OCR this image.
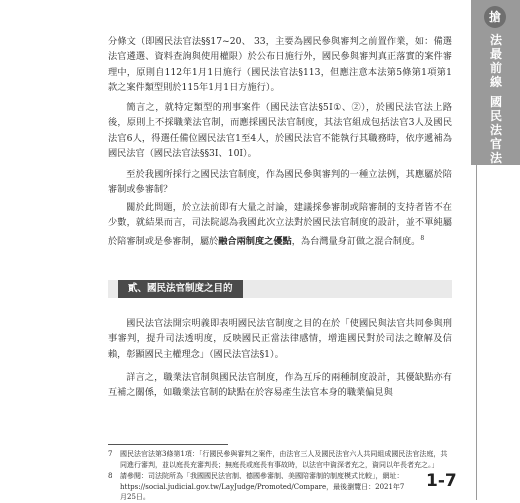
搶
法
最
前
線
國
民
法
官
法

分條文（即國民法官法§§17~20、 33，主要為國民參與審判之前置作業，如：備選法官遴選、資料查詢與使用權限）於公布日施行外，國民參與審判真正落實的案件審理中，原則自112年1月1日施行（國民法官法§113，但應注意本法第5條第1項第1款之案件類型則於115年1月1日方施行）。

簡言之，就特定類型的刑事案件（國民法官法§5Ⅰ①、②），於國民法官法上路後，原則上不採職業法官制，而應採國民法官制度，其法官組成包括法官3人及國民法官6人，得選任備位國民法官1至4人，於國民法官不能執行其職務時，依序遞補為國民法官（國民法官法§§3Ⅰ、10Ⅰ）。

至於我國所採行之國民法官制度，作為國民參與審判的一種立法例，其應屬於陪審制或參審制？

關於此問題，於立法前即有大量之討論，建議採參審制或陪審制的支持者皆不在少數，就結果而言，司法院認為我國此次立法對於國民法官制度的設計，並不單純屬於陪審制或是參審制，屬於融合兩制度之優點，為台灣量身訂做之混合制度。$^8$

貳、國民法官制度之目的

國民法官法開宗明義即表明國民法官制度之目的在於「使國民與法官共同參與刑事審判，提升司法透明度，反映國民正當法律感情，增進國民對於司法之瞭解及信賴，彰顯國民主權理念」（國民法官法§1）。

詳言之，職業法官制與國民法官制度，作為互斥的兩種制度設計，其優缺點亦有互補之關係，如職業法官制的缺點在於容易產生法官本身的職業偏見與

7 國民法官法第3條第1項：「行國民參與審判之案件，由法官三人及國民法官六人共同組成國民法官法庭，共同進行審判，並以庭長充審判長；無庭長或庭長有事故時，以法官中資深者充之，資同以年長者充之。」

8 請參閱：司法院所為「我國國民法官制、德國參審制、美國陪審制的制度模式比較」，網址：https://social.judicial.gov.tw/LayJudge/Promoted/Compare，最後瀏覽日：2021年7月25日。

1-7
